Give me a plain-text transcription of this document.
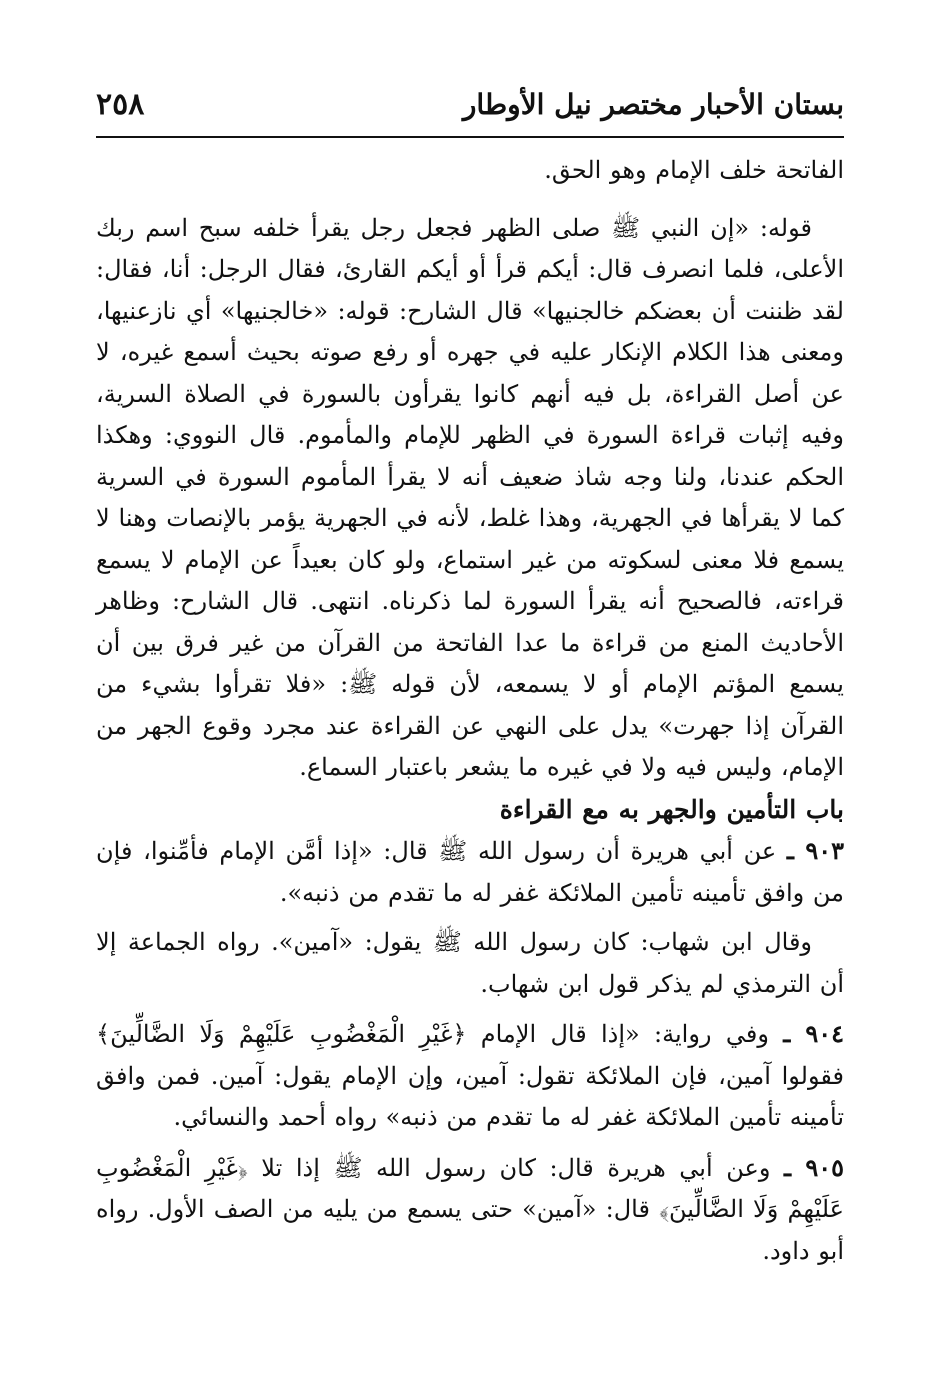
بستان الأحبار مختصر نيل الأوطار
٢٥٨

الفاتحة خلف الإمام وهو الحق.

قوله: «إن النبي ﷺ صلى الظهر فجعل رجل يقرأ خلفه سبح اسم ربك الأعلى، فلما انصرف قال: أيكم قرأ أو أيكم القارئ، فقال الرجل: أنا، فقال: لقد ظننت أن بعضكم خالجنيها» قال الشارح: قوله: «خالجنيها» أي نازعنيها، ومعنى هذا الكلام الإنكار عليه في جهره أو رفع صوته بحيث أسمع غيره، لا عن أصل القراءة، بل فيه أنهم كانوا يقرأون بالسورة في الصلاة السرية، وفيه إثبات قراءة السورة في الظهر للإمام والمأموم. قال النووي: وهكذا الحكم عندنا، ولنا وجه شاذ ضعيف أنه لا يقرأ المأموم السورة في السرية كما لا يقرأها في الجهرية، وهذا غلط، لأنه في الجهرية يؤمر بالإنصات وهنا لا يسمع فلا معنى لسكوته من غير استماع، ولو كان بعيداً عن الإمام لا يسمع قراءته، فالصحيح أنه يقرأ السورة لما ذكرناه. انتهى. قال الشارح: وظاهر الأحاديث المنع من قراءة ما عدا الفاتحة من القرآن من غير فرق بين أن يسمع المؤتم الإمام أو لا يسمعه، لأن قوله ﷺ: «فلا تقرأوا بشيء من القرآن إذا جهرت» يدل على النهي عن القراءة عند مجرد وقوع الجهر من الإمام، وليس فيه ولا في غيره ما يشعر باعتبار السماع.

باب التأمين والجهر به مع القراءة

٩٠٣ ـ عن أبي هريرة أن رسول الله ﷺ قال: «إذا أمَّن الإمام فأمِّنوا، فإن من وافق تأمينه تأمين الملائكة غفر له ما تقدم من ذنبه».

وقال ابن شهاب: كان رسول الله ﷺ يقول: «آمين». رواه الجماعة إلا أن الترمذي لم يذكر قول ابن شهاب.

٩٠٤ ـ وفي رواية: «إذا قال الإمام ﴿غَيْرِ الْمَغْضُوبِ عَلَيْهِمْ وَلَا الضَّالِّينَ﴾ فقولوا آمين، فإن الملائكة تقول: آمين، وإن الإمام يقول: آمين. فمن وافق تأمينه تأمين الملائكة غفر له ما تقدم من ذنبه» رواه أحمد والنسائي.

٩٠٥ ـ وعن أبي هريرة قال: كان رسول الله ﷺ إذا تلا ﴿غَيْرِ الْمَغْضُوبِ عَلَيْهِمْ وَلَا الضَّالِّينَ﴾ قال: «آمين» حتى يسمع من يليه من الصف الأول. رواه أبو داود.
